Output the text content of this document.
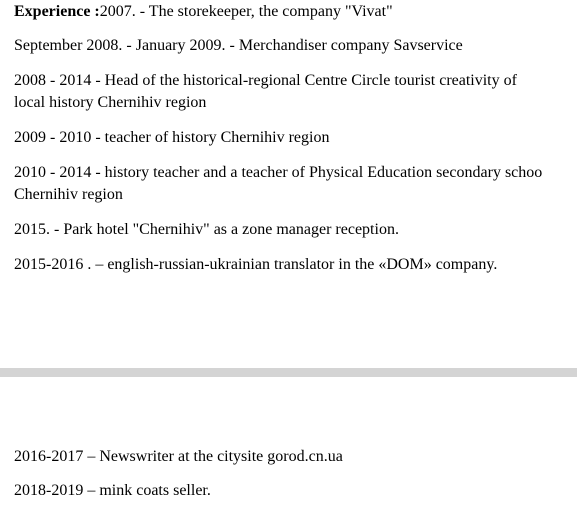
Experience :2007. - The storekeeper, the company "Vivat"
September 2008. - January 2009. - Merchandiser company Savservice
2008 - 2014 - Head of the historical-regional Centre Circle tourist creativity of
local history Chernihiv region
2009 - 2010 - teacher of history Chernihiv region
2010 - 2014 - history teacher and a teacher of Physical Education secondary schoo
Chernihiv region
2015. - Park hotel "Chernihiv" as a zone manager reception.
2015-2016 . – english-russian-ukrainian translator in the «DOM» company.
2016-2017 – Newswriter at the citysite gorod.cn.ua
2018-2019 – mink coats seller.
